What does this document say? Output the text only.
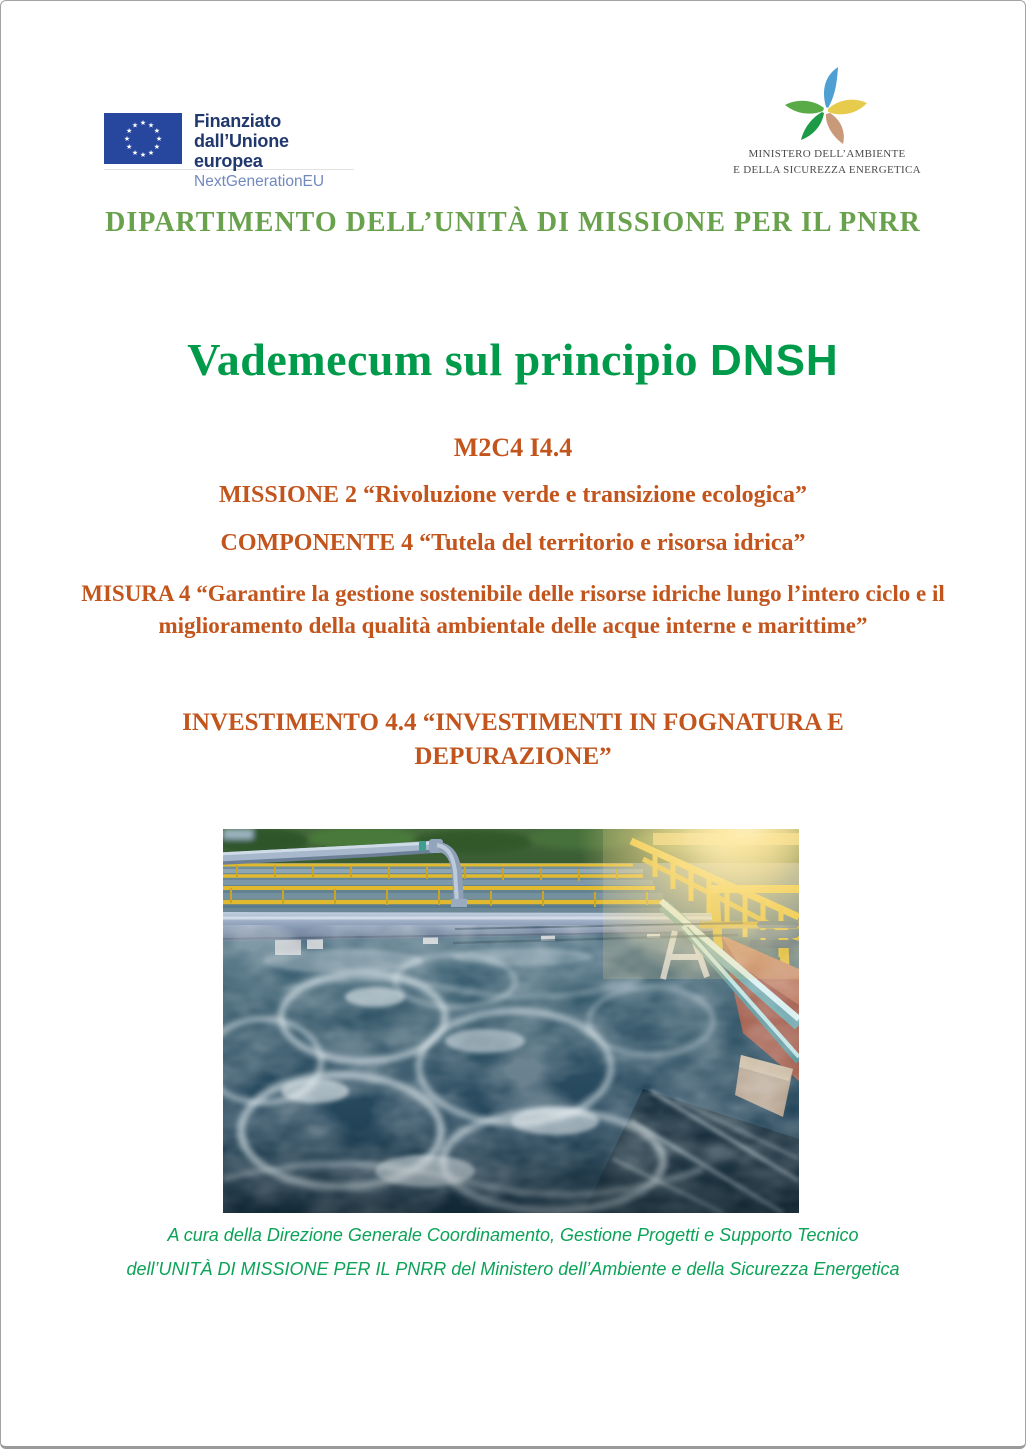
★ ★
★
★
★
★
★
★
★
★
★
★	Finanziato
dall’Unione europea
NextGenerationEU
MINISTERO DELL’AMBIENTE
E DELLA SICUREZZA ENERGETICA
DIPARTIMENTO DELL’UNITÀ DI MISSIONE PER IL PNRR
Vademecum sul principio DNSH
M2C4 I4.4
MISSIONE 2 “Rivoluzione verde e transizione ecologica”
COMPONENTE 4 “Tutela del territorio e risorsa idrica”
MISURA 4 “Garantire la gestione sostenibile delle risorse idriche lungo l’intero ciclo e il miglioramento della qualità ambientale delle acque interne e marittime”
INVESTIMENTO 4.4 “INVESTIMENTI IN FOGNATURA E DEPURAZIONE”
A cura della Direzione Generale Coordinamento, Gestione Progetti e Supporto Tecnico
dell’UNITÀ DI MISSIONE PER IL PNRR del Ministero dell’Ambiente e della Sicurezza Energetica
